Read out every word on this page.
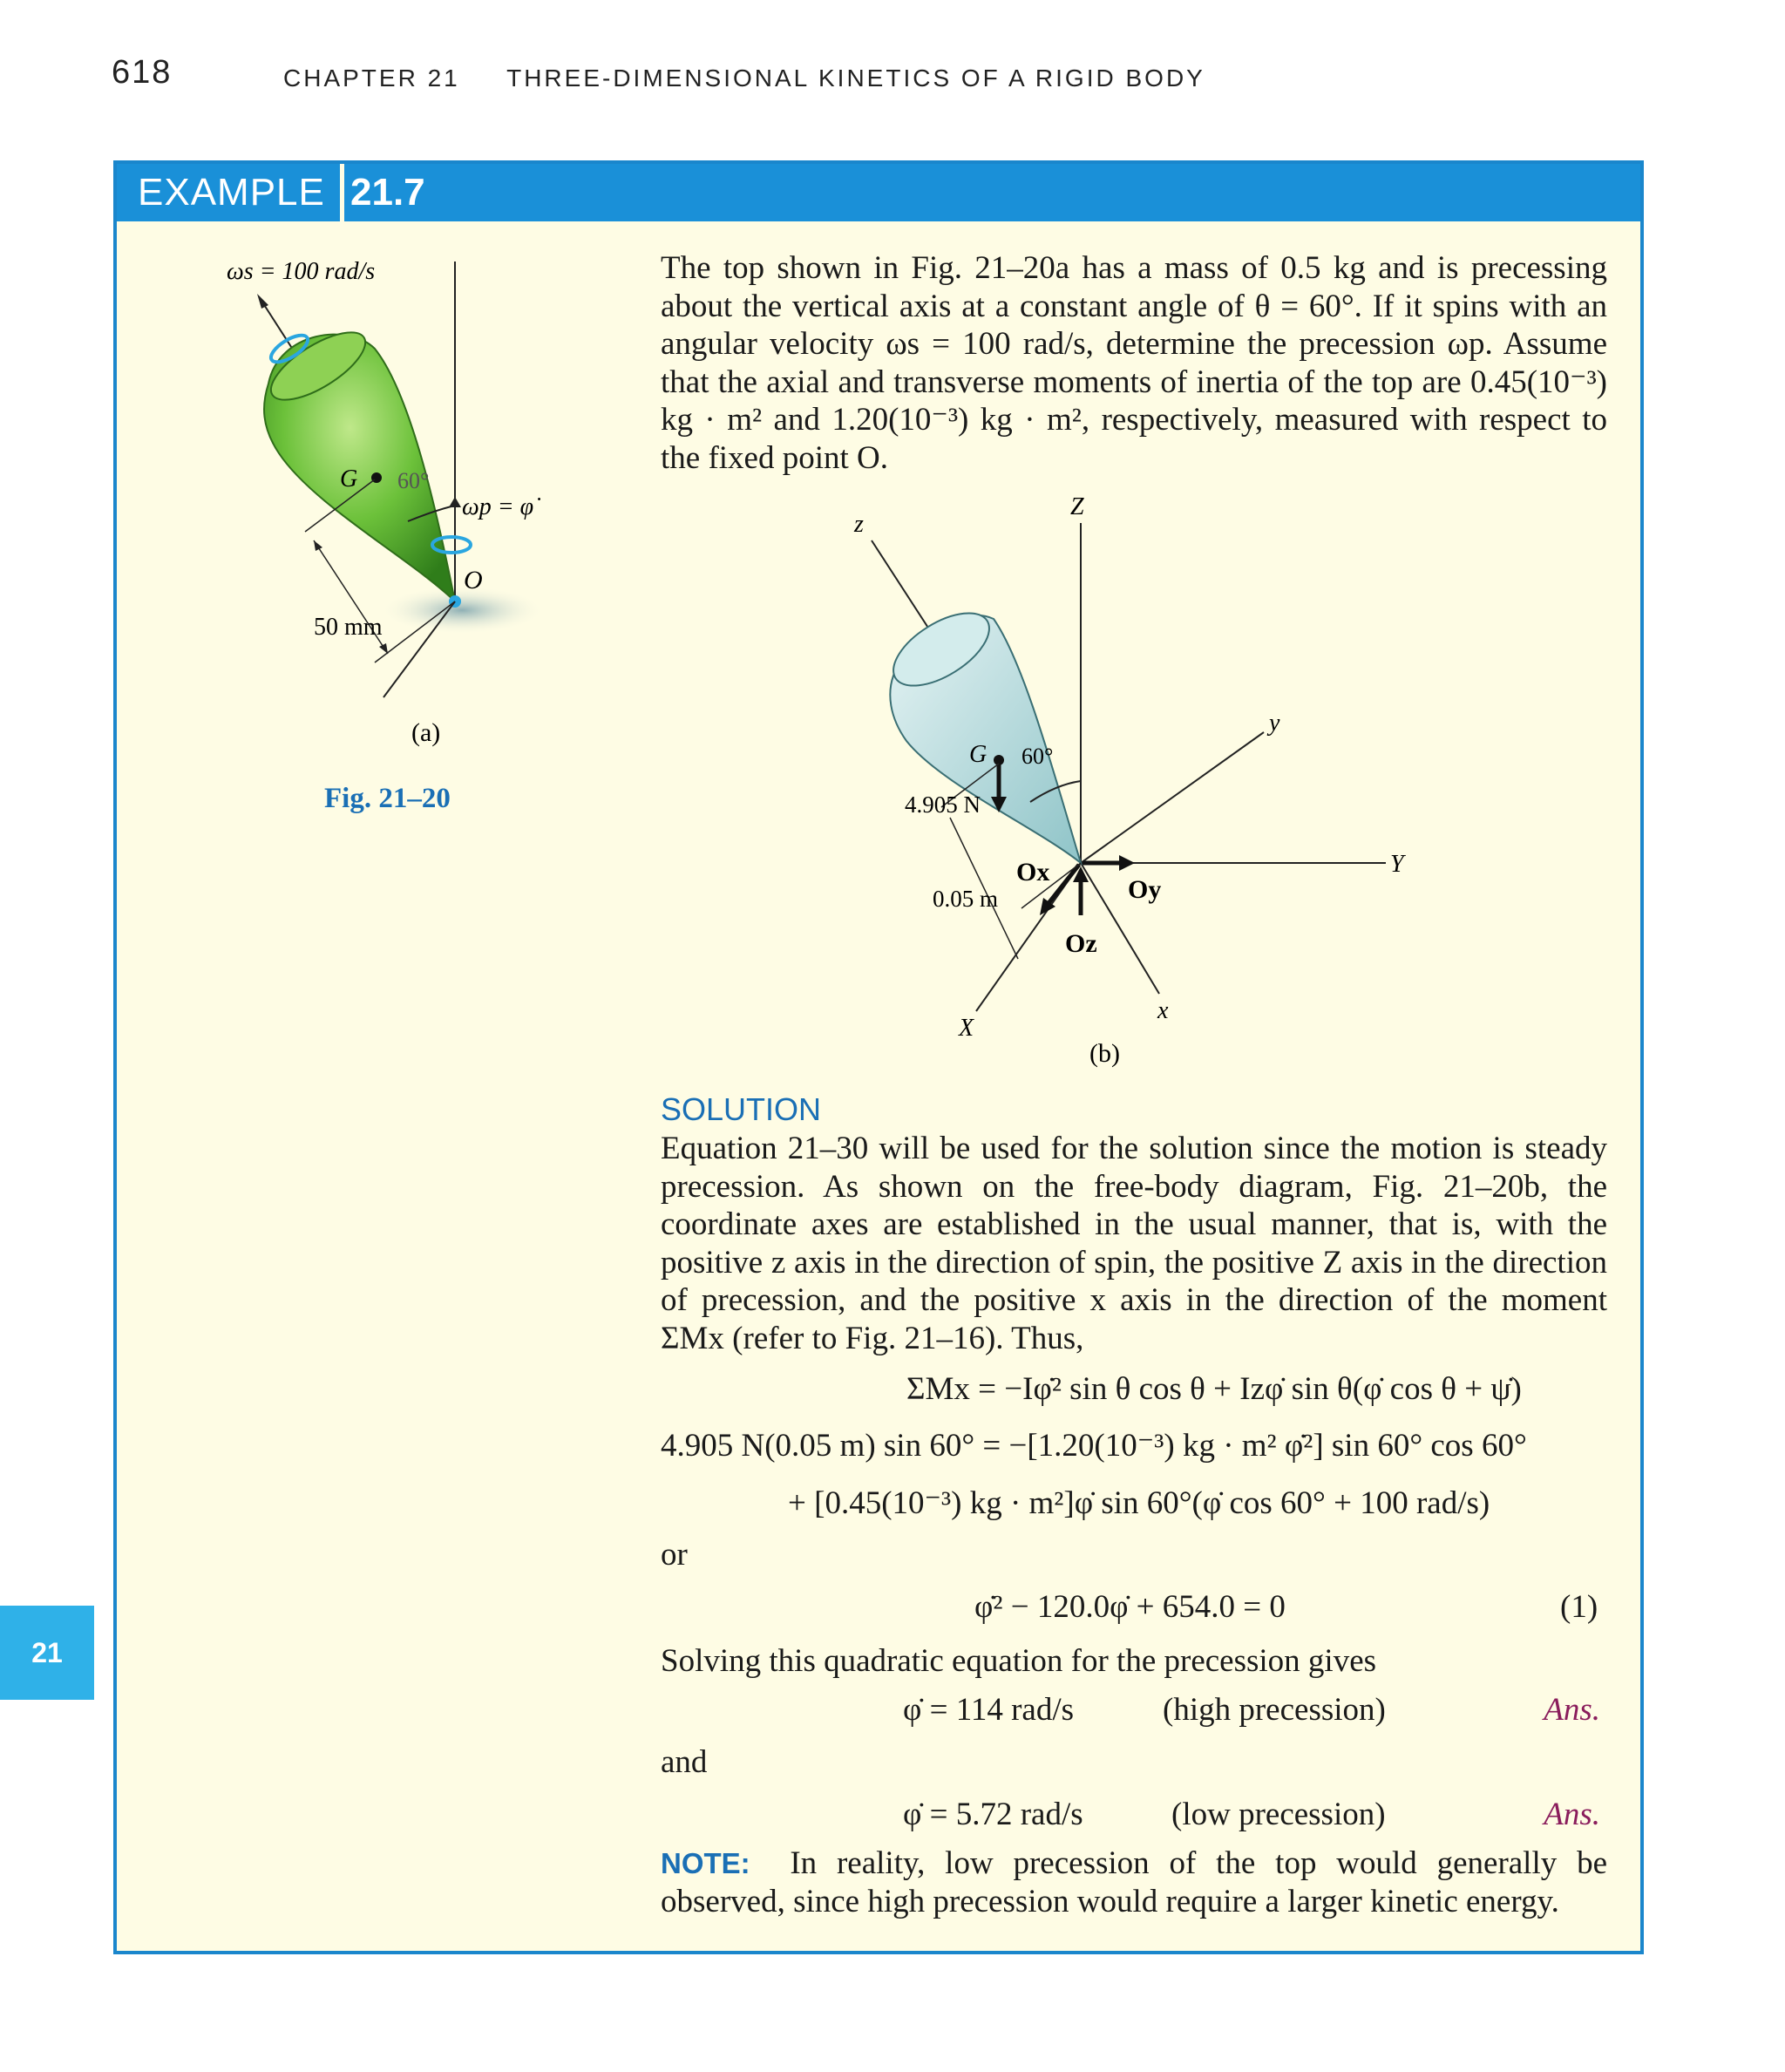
618	CHAPTER 21 THREE-DIMENSIONAL KINETICS OF A RIGID BODY
EXAMPLE 21.7
ωs = 100 rad/s
G 60°
ωp = φ̇
O
50 mm
(a)
Fig. 21–20
The top shown in Fig. 21–20a has a mass of 0.5 kg and is precessing about the vertical axis at a constant angle of θ = 60°. If it spins with an angular velocity ωs = 100 rad/s, determine the precession ωp. Assume that the axial and transverse moments of inertia of the top are 0.45(10⁻³) kg · m² and 1.20(10⁻³) kg · m², respectively, measured with respect to the fixed point O.
Z
z
y
Y
x
X
G 60°
4.905 N
0.05 m
Ox
Oy
Oz
(b)
SOLUTION
Equation 21–30 will be used for the solution since the motion is steady precession. As shown on the free-body diagram, Fig. 21–20b, the coordinate axes are established in the usual manner, that is, with the positive z axis in the direction of spin, the positive Z axis in the direction of precession, and the positive x axis in the direction of the moment ΣMx (refer to Fig. 21–16). Thus,
ΣMx = −Iφ̇² sin θ cos θ + Izφ̇ sin θ(φ̇ cos θ + ψ̇)
4.905 N(0.05 m) sin 60° = −[1.20(10⁻³) kg · m² φ̇²] sin 60° cos 60°
+ [0.45(10⁻³) kg · m²]φ̇ sin 60°(φ̇ cos 60° + 100 rad/s)
or
φ̇² − 120.0φ̇ + 654.0 = 0	(1)
Solving this quadratic equation for the precession gives
φ̇ = 114 rad/s	(high precession)	Ans.
and
φ̇ = 5.72 rad/s	(low precession)	Ans.
NOTE: In reality, low precession of the top would generally be observed, since high precession would require a larger kinetic energy.
21
